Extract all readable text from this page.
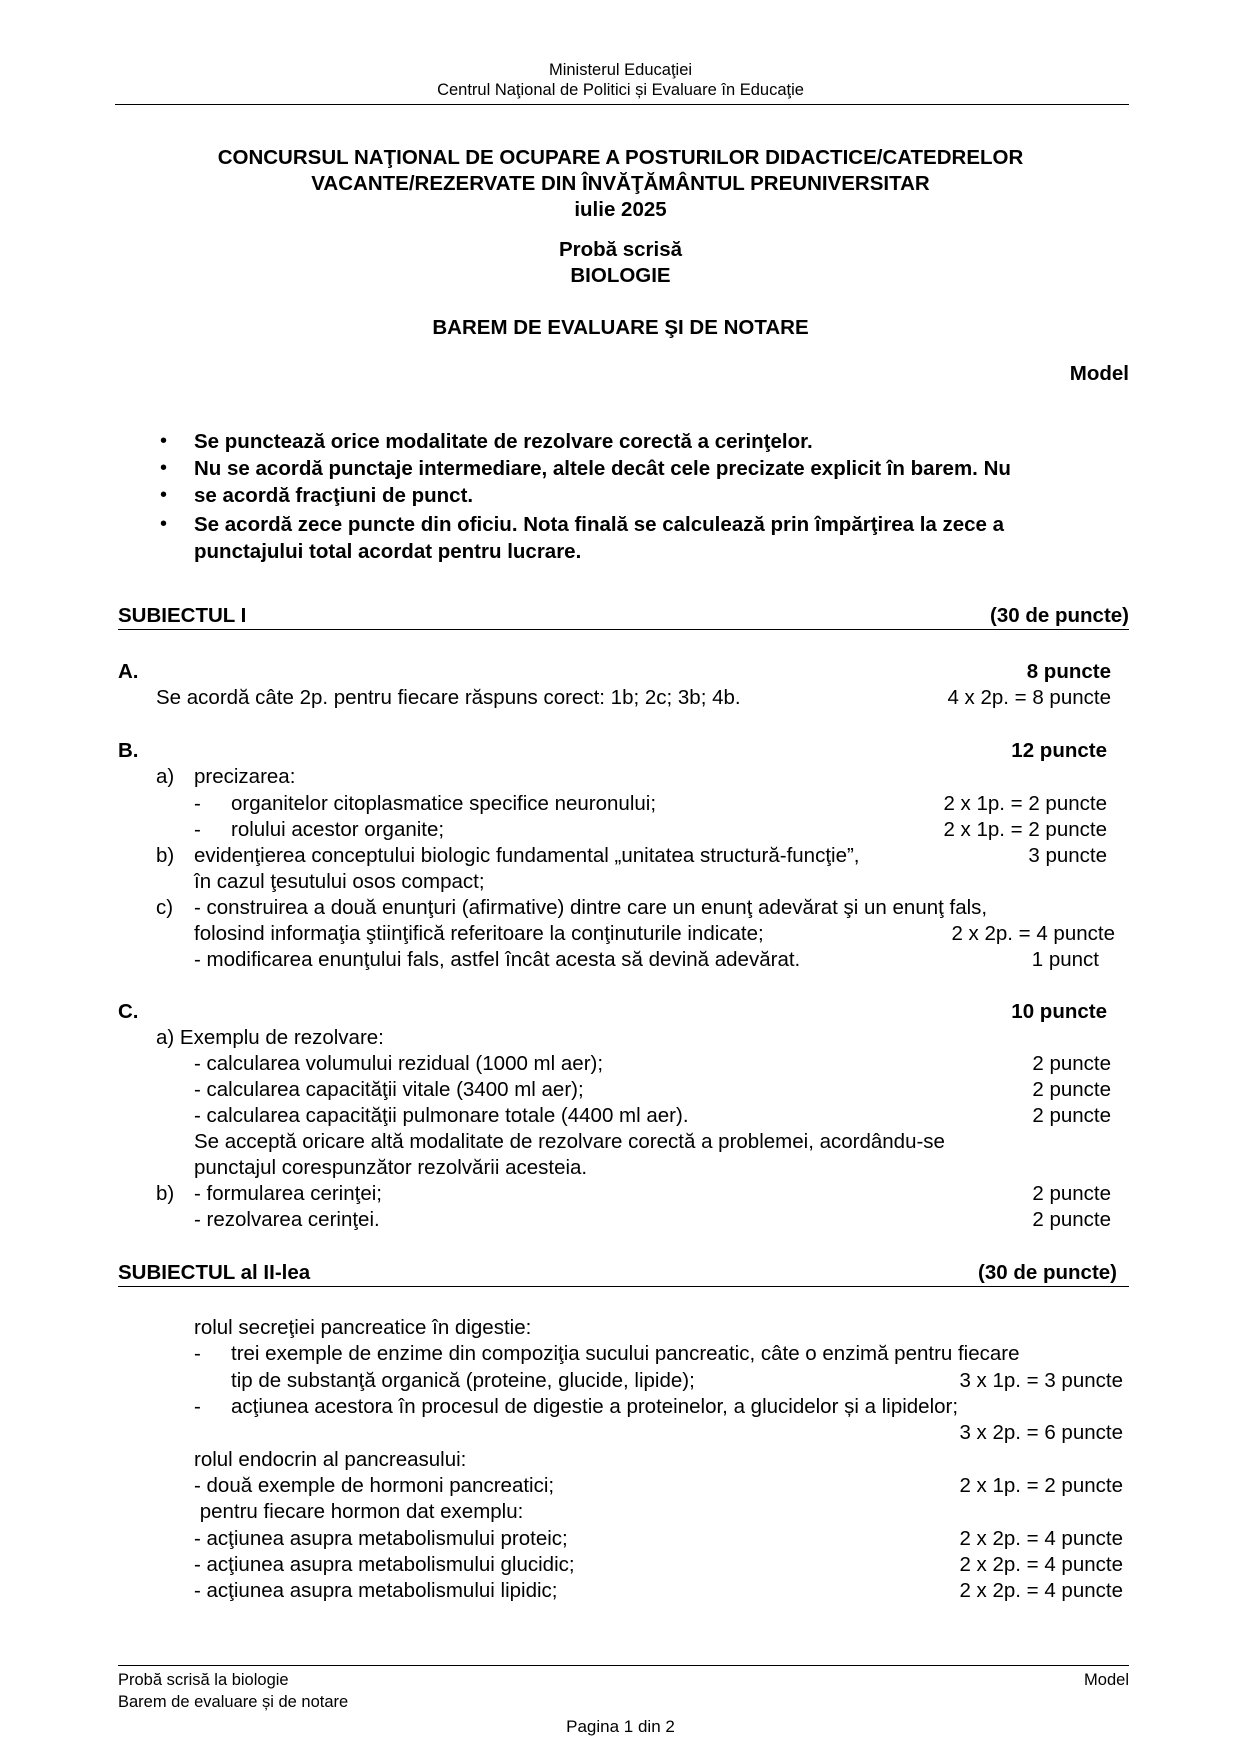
Ministerul Educaţiei
Centrul Naţional de Politici și Evaluare în Educaţie
CONCURSUL NAŢIONAL DE OCUPARE A POSTURILOR DIDACTICE/CATEDRELOR
VACANTE/REZERVATE DIN ÎNVĂŢĂMÂNTUL PREUNIVERSITAR
iulie 2025
Probă scrisă
BIOLOGIE
BAREM DE EVALUARE ŞI DE NOTARE
Model
• Se punctează orice modalitate de rezolvare corectă a cerinţelor.
• Nu se acordă punctaje intermediare, altele decât cele precizate explicit în barem. Nu
• se acordă fracţiuni de punct.
• Se acordă zece puncte din oficiu. Nota finală se calculează prin împărţirea la zece a
punctajului total acordat pentru lucrare.
SUBIECTUL I	(30 de puncte)
A.	8 puncte
Se acordă câte 2p. pentru fiecare răspuns corect: 1b; 2c; 3b; 4b.	4 x 2p. = 8 puncte
B.	12 puncte
a) precizarea:
- organitelor citoplasmatice specifice neuronului;	2 x 1p. = 2 puncte
- rolului acestor organite;	2 x 1p. = 2 puncte
b) evidenţierea conceptului biologic fundamental „unitatea structură-funcţie”,	3 puncte
în cazul ţesutului osos compact;
c) - construirea a două enunţuri (afirmative) dintre care un enunţ adevărat şi un enunţ fals,
folosind informaţia ştiinţifică referitoare la conţinuturile indicate;	2 x 2p. = 4 puncte
- modificarea enunţului fals, astfel încât acesta să devină adevărat.	1 punct
C.	10 puncte
a) Exemplu de rezolvare:
- calcularea volumului rezidual (1000 ml aer);	2 puncte
- calcularea capacităţii vitale (3400 ml aer);	2 puncte
- calcularea capacităţii pulmonare totale (4400 ml aer).	2 puncte
Se acceptă oricare altă modalitate de rezolvare corectă a problemei, acordându-se
punctajul corespunzător rezolvării acesteia.
b) - formularea cerinţei;	2 puncte
- rezolvarea cerinţei.	2 puncte
SUBIECTUL al II-lea	(30 de puncte)
rolul secreţiei pancreatice în digestie:
- trei exemple de enzime din compoziţia sucului pancreatic, câte o enzimă pentru fiecare
tip de substanţă organică (proteine, glucide, lipide);	3 x 1p. = 3 puncte
- acţiunea acestora în procesul de digestie a proteinelor, a glucidelor și a lipidelor;
3 x 2p. = 6 puncte
rolul endocrin al pancreasului:
- două exemple de hormoni pancreatici;	2 x 1p. = 2 puncte
pentru fiecare hormon dat exemplu:
- acţiunea asupra metabolismului proteic;	2 x 2p. = 4 puncte
- acţiunea asupra metabolismului glucidic;	2 x 2p. = 4 puncte
- acţiunea asupra metabolismului lipidic;	2 x 2p. = 4 puncte
Probă scrisă la biologie
Barem de evaluare și de notare
Model
Pagina 1 din 2
